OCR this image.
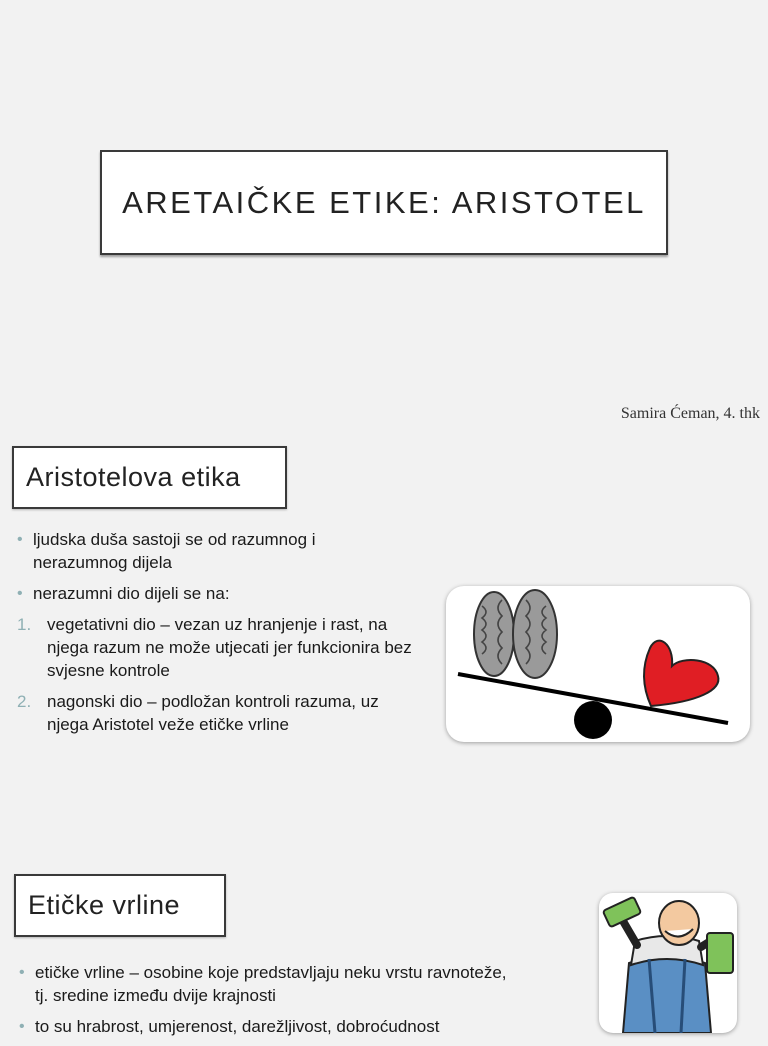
ARETAIČKE ETIKE: ARISTOTEL
Samira Ćeman, 4. thk
Aristotelova etika
• ljudska duša sastoji se od razumnog i nerazumnog dijela
• nerazumni dio dijeli se na:
1. vegetativni dio – vezan uz hranjenje i rast, na njega razum ne može utjecati jer funkcionira bez svjesne kontrole
2. nagonski dio – podložan kontroli razuma, uz njega Aristotel veže etičke vrline
Etičke vrline
• etičke vrline – osobine koje predstavljaju neku vrstu ravnoteže, tj. sredine između dvije krajnosti
• to su hrabrost, umjerenost, darežljivost, dobroćudnost
